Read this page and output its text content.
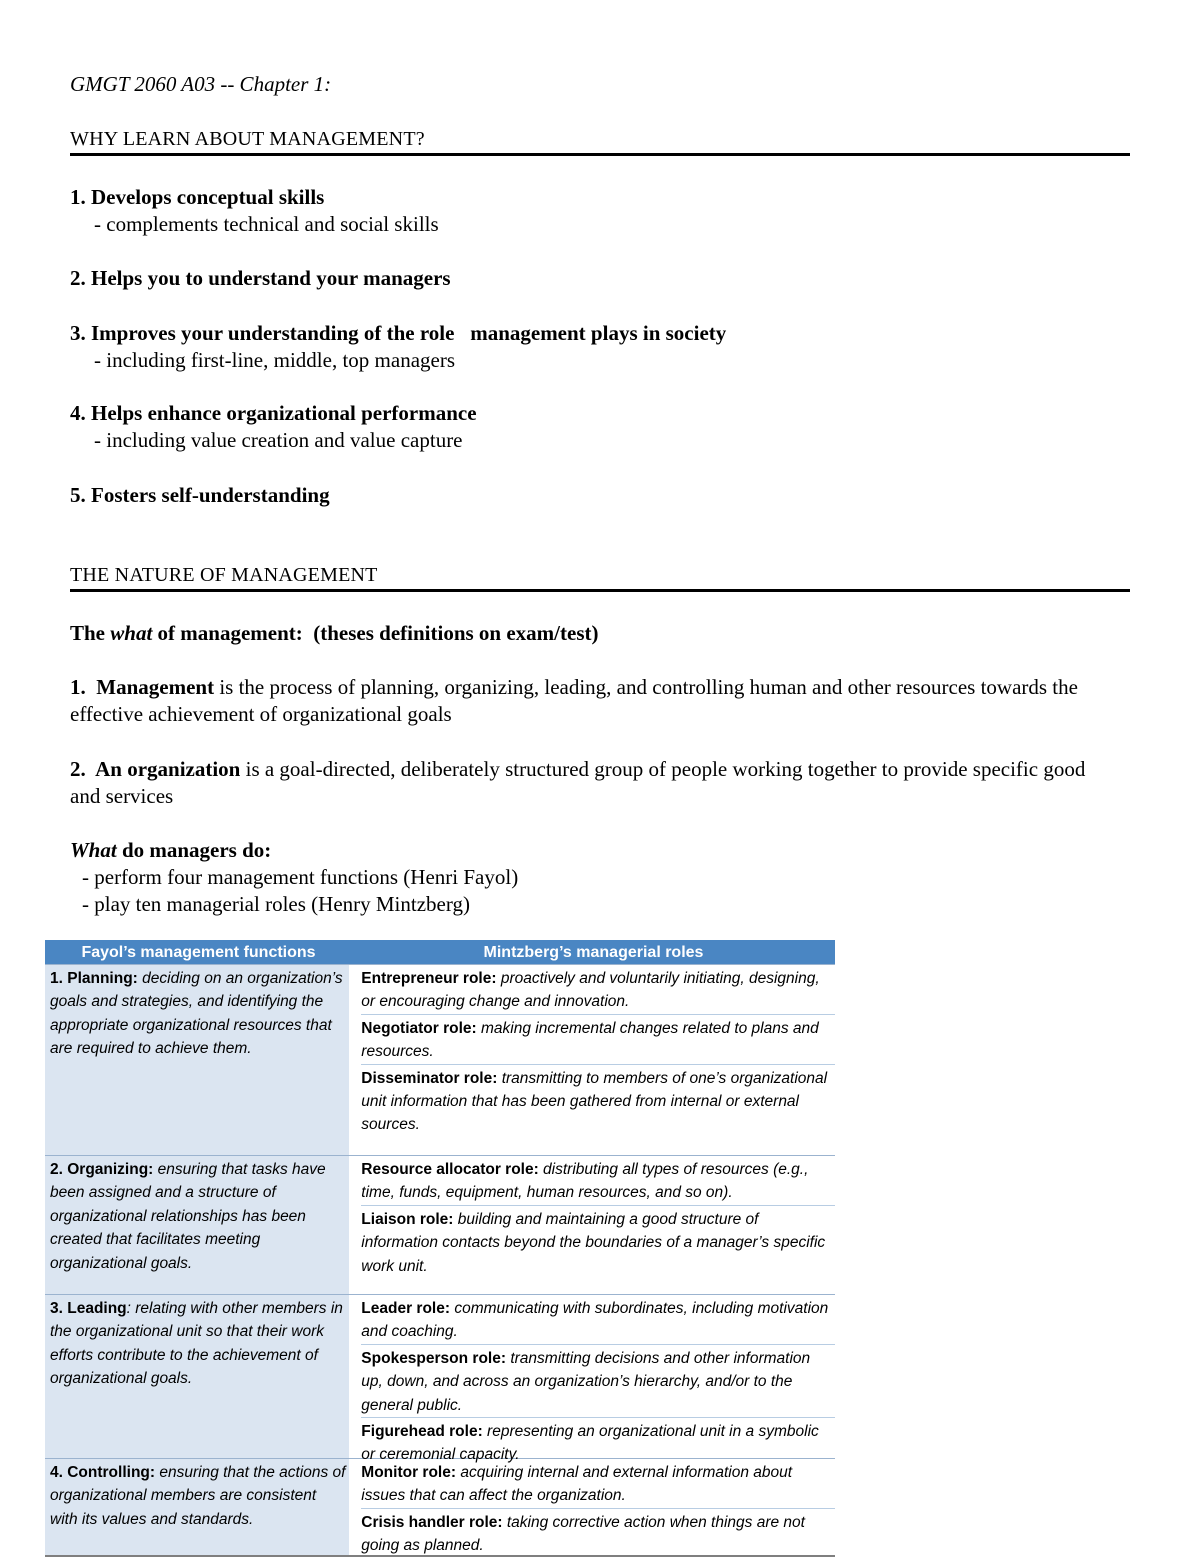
GMGT 2060 A03 -- Chapter 1:
WHY LEARN ABOUT MANAGEMENT?
1. Develops conceptual skills
- complements technical and social skills
2. Helps you to understand your managers
3. Improves your understanding of the role   management plays in society
- including first-line, middle, top managers
4. Helps enhance organizational performance
- including value creation and value capture
5. Fosters self-understanding
THE NATURE OF MANAGEMENT
The what of management:  (theses definitions on exam/test)
1.  Management is the process of planning, organizing, leading, and controlling human and other resources towards the effective achievement of organizational goals
2.  An organization is a goal-directed, deliberately structured group of people working together to provide specific good and services
What do managers do:
- perform four management functions (Henri Fayol)
- play ten managerial roles (Henry Mintzberg)
Fayol’s management functions	Mintzberg’s managerial roles
1. Planning: deciding on an organization’s goals and strategies, and identifying the appropriate organizational resources that are required to achieve them.
Entrepreneur role: proactively and voluntarily initiating, designing, or encouraging change and innovation.
Negotiator role: making incremental changes related to plans and resources.
Disseminator role: transmitting to members of one’s organizational unit information that has been gathered from internal or external sources.
2. Organizing: ensuring that tasks have been assigned and a structure of organizational relationships has been created that facilitates meeting organizational goals.
Resource allocator role: distributing all types of resources (e.g., time, funds, equipment, human resources, and so on).
Liaison role: building and maintaining a good structure of information contacts beyond the boundaries of a manager’s specific work unit.
3. Leading: relating with other members in the organizational unit so that their work efforts contribute to the achievement of organizational goals.
Leader role: communicating with subordinates, including motivation and coaching.
Spokesperson role: transmitting decisions and other information up, down, and across an organization’s hierarchy, and/or to the general public.
Figurehead role: representing an organizational unit in a symbolic or ceremonial capacity.
4. Controlling: ensuring that the actions of organizational members are consistent with its values and standards.
Monitor role: acquiring internal and external information about issues that can affect the organization.
Crisis handler role: taking corrective action when things are not going as planned.
